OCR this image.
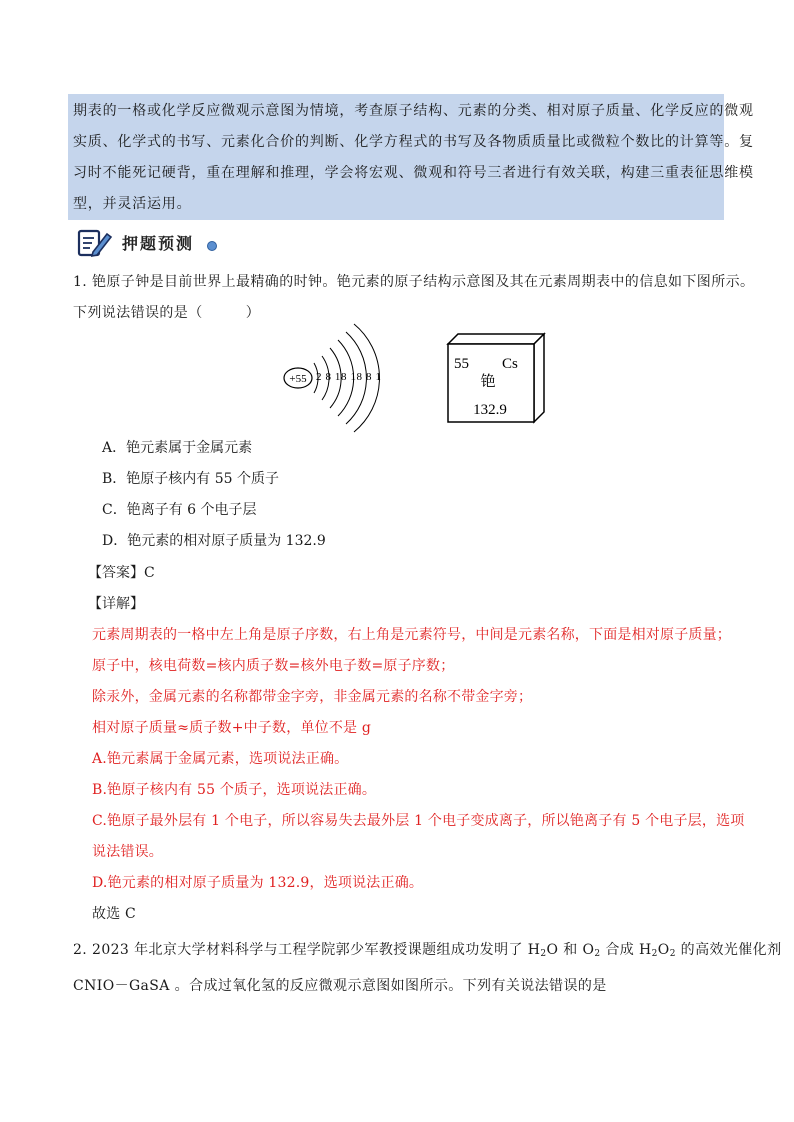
期表的一格或化学反应微观示意图为情境，考查原子结构、元素的分类、相对原子质量、化学反应的微观
实质、化学式的书写、元素化合价的判断、化学方程式的书写及各物质质量比或微粒个数比的计算等。复
习时不能死记硬背，重在理解和推理，学会将宏观、微观和符号三者进行有效关联，构建三重表征思维模
型，并灵活运用。
押题预测
1. 铯原子钟是目前世界上最精确的时钟。铯元素的原子结构示意图及其在元素周期表中的信息如下图所示。
下列说法错误的是（　　　）
+55 2 8 18 18 8 1
55 Cs
铯
132.9
A．铯元素属于金属元素
B．铯原子核内有 55 个质子
C．铯离子有 6 个电子层
D．铯元素的相对原子质量为 132.9
【答案】C
【详解】
元素周期表的一格中左上角是原子序数，右上角是元素符号，中间是元素名称，下面是相对原子质量；
原子中，核电荷数=核内质子数=核外电子数=原子序数；
除汞外，金属元素的名称都带金字旁，非金属元素的名称不带金字旁；
相对原子质量≈质子数+中子数，单位不是 g
A.铯元素属于金属元素，选项说法正确。
B.铯原子核内有 55 个质子，选项说法正确。
C.铯原子最外层有 1 个电子，所以容易失去最外层 1 个电子变成离子，所以铯离子有 5 个电子层，选项
说法错误。
D.铯元素的相对原子质量为 132.9，选项说法正确。
故选 C
2. 2023 年北京大学材料科学与工程学院郭少军教授课题组成功发明了 $H_2O$ 和 $O_2$ 合成 $H_2O_2$ 的高效光催化剂
CNIO－GaSA 。合成过氧化氢的反应微观示意图如图所示。下列有关说法错误的是
